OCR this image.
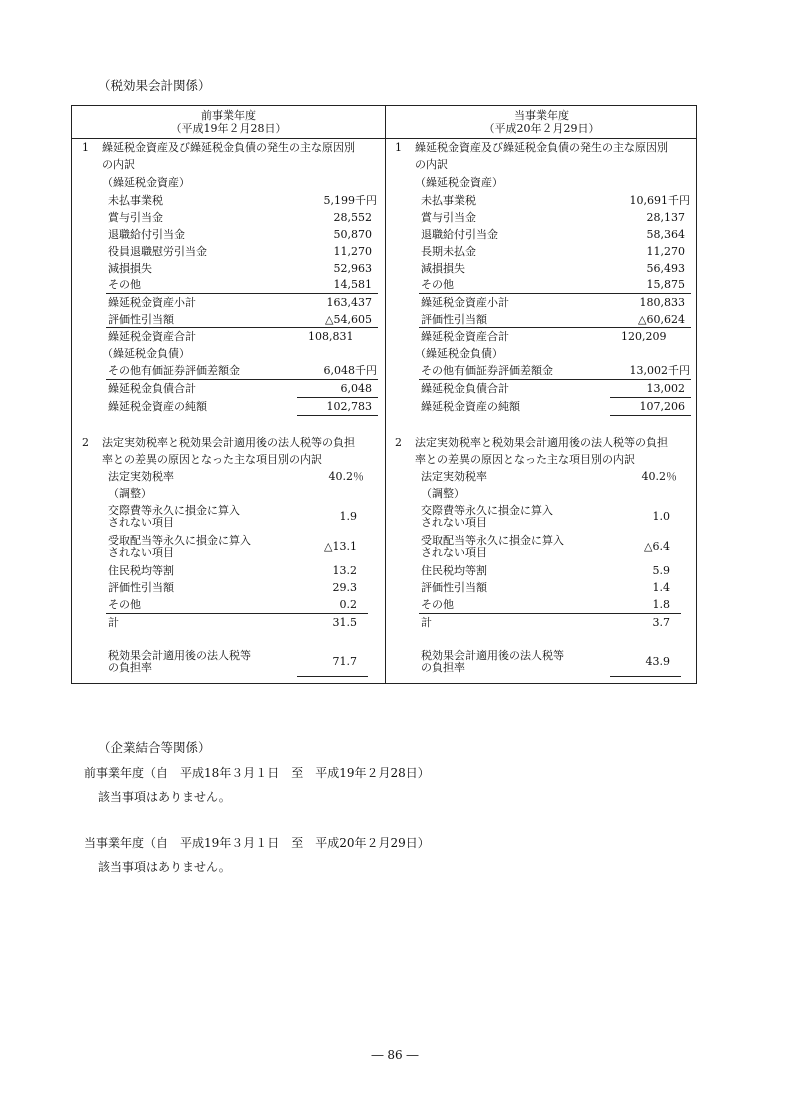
（税効果会計関係）
前事業年度
（平成19年２月28日）
1 繰延税金資産及び繰延税金負債の発生の主な原因別
の内訳
（繰延税金資産）
未払事業税	5,199千円
賞与引当金	28,552
退職給付引当金	50,870
役員退職慰労引当金	11,270
減損損失	52,963
その他	14,581
繰延税金資産小計	163,437
評価性引当額	△54,605
繰延税金資産合計	108,831
（繰延税金負債）
その他有価証券評価差額金	6,048千円
繰延税金負債合計	6,048
繰延税金資産の純額	102,783
2 法定実効税率と税効果会計適用後の法人税等の負担
率との差異の原因となった主な項目別の内訳
法定実効税率	40.2％
（調整）
交際費等永久に損金に算入
されない項目	1.9
受取配当等永久に損金に算入
されない項目	△13.1
住民税均等割	13.2
評価性引当額	29.3
その他	0.2
計	31.5
税効果会計適用後の法人税等
の負担率	71.7
当事業年度
（平成20年２月29日）
1 繰延税金資産及び繰延税金負債の発生の主な原因別
の内訳
（繰延税金資産）
未払事業税	10,691千円
賞与引当金	28,137
退職給付引当金	58,364
長期未払金	11,270
減損損失	56,493
その他	15,875
繰延税金資産小計	180,833
評価性引当額	△60,624
繰延税金資産合計	120,209
（繰延税金負債）
その他有価証券評価差額金	13,002千円
繰延税金負債合計	13,002
繰延税金資産の純額	107,206
2 法定実効税率と税効果会計適用後の法人税等の負担
率との差異の原因となった主な項目別の内訳
法定実効税率	40.2％
（調整）
交際費等永久に損金に算入
されない項目	1.0
受取配当等永久に損金に算入
されない項目	△6.4
住民税均等割	5.9
評価性引当額	1.4
その他	1.8
計	3.7
税効果会計適用後の法人税等
の負担率	43.9
（企業結合等関係）
前事業年度（自　平成18年３月１日　至　平成19年２月28日）
該当事項はありません。
当事業年度（自　平成19年３月１日　至　平成20年２月29日）
該当事項はありません。
― 86 ―
